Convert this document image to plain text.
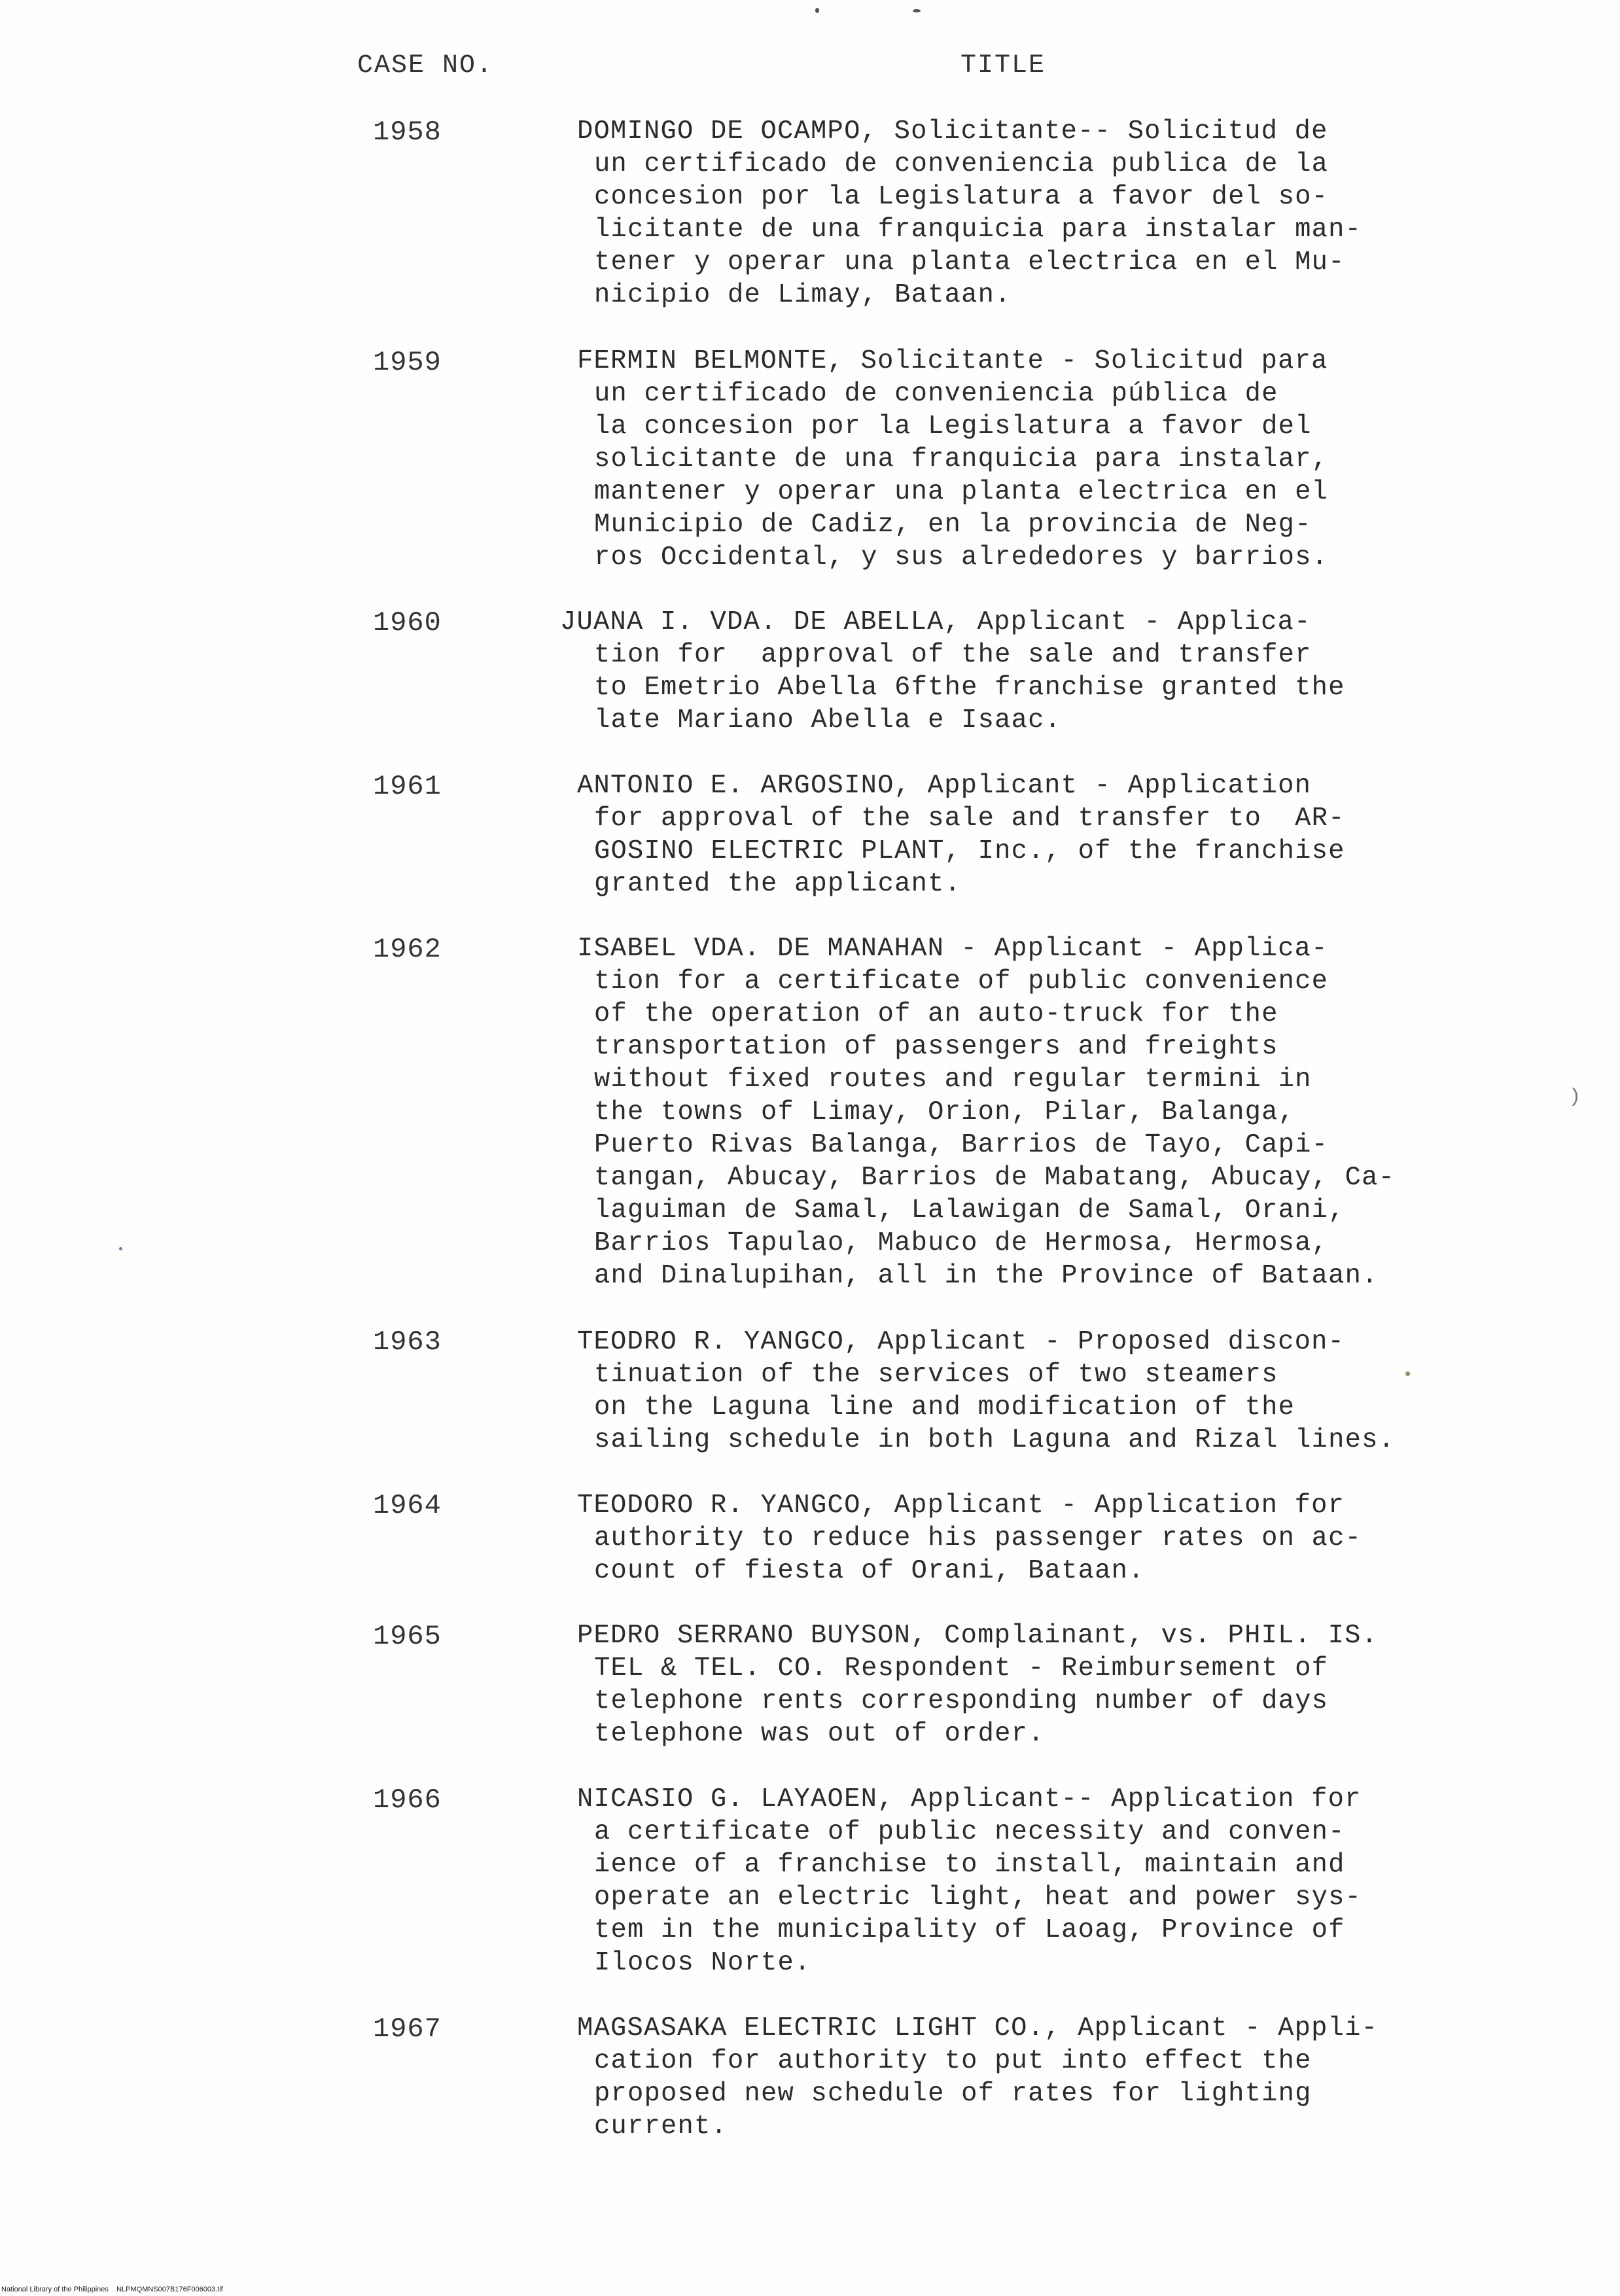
CASE NO.	TITLE
1958	DOMINGO DE OCAMPO, Solicitante-- Solicitud de
un certificado de conveniencia publica de la
concesion por la Legislatura a favor del so-
licitante de una franquicia para instalar man-
tener y operar una planta electrica en el Mu-
nicipio de Limay, Bataan.
1959	FERMIN BELMONTE, Solicitante - Solicitud para
un certificado de conveniencia pública de
la concesion por la Legislatura a favor del
solicitante de una franquicia para instalar,
mantener y operar una planta electrica en el
Municipio de Cadiz, en la provincia de Neg-
ros Occidental, y sus alrededores y barrios.
1960	JUANA I. VDA. DE ABELLA, Applicant - Applica-
tion for  approval of the sale and transfer
to Emetrio Abella 6fthe franchise granted the
late Mariano Abella e Isaac.
1961	ANTONIO E. ARGOSINO, Applicant - Application
for approval of the sale and transfer to  AR-
GOSINO ELECTRIC PLANT, Inc., of the franchise
granted the applicant.
1962	ISABEL VDA. DE MANAHAN - Applicant - Applica-
tion for a certificate of public convenience
of the operation of an auto-truck for the
transportation of passengers and freights
without fixed routes and regular termini in
the towns of Limay, Orion, Pilar, Balanga,
Puerto Rivas Balanga, Barrios de Tayo, Capi-
tangan, Abucay, Barrios de Mabatang, Abucay, Ca-
laguiman de Samal, Lalawigan de Samal, Orani,
Barrios Tapulao, Mabuco de Hermosa, Hermosa,
and Dinalupihan, all in the Province of Bataan.
1963	TEODRO R. YANGCO, Applicant - Proposed discon-
tinuation of the services of two steamers
on the Laguna line and modification of the
sailing schedule in both Laguna and Rizal lines.
1964	TEODORO R. YANGCO, Applicant - Application for
authority to reduce his passenger rates on ac-
count of fiesta of Orani, Bataan.
1965	PEDRO SERRANO BUYSON, Complainant, vs. PHIL. IS.
TEL & TEL. CO. Respondent - Reimbursement of
telephone rents corresponding number of days
telephone was out of order.
1966	NICASIO G. LAYAOEN, Applicant-- Application for
a certificate of public necessity and conven-
ience of a franchise to install, maintain and
operate an electric light, heat and power sys-
tem in the municipality of Laoag, Province of
Ilocos Norte.
1967	MAGSASAKA ELECTRIC LIGHT CO., Applicant - Appli-
cation for authority to put into effect the
proposed new schedule of rates for lighting
current.
)
National Library of the Philippines    NLPMQMNS007B176F006003.tif
